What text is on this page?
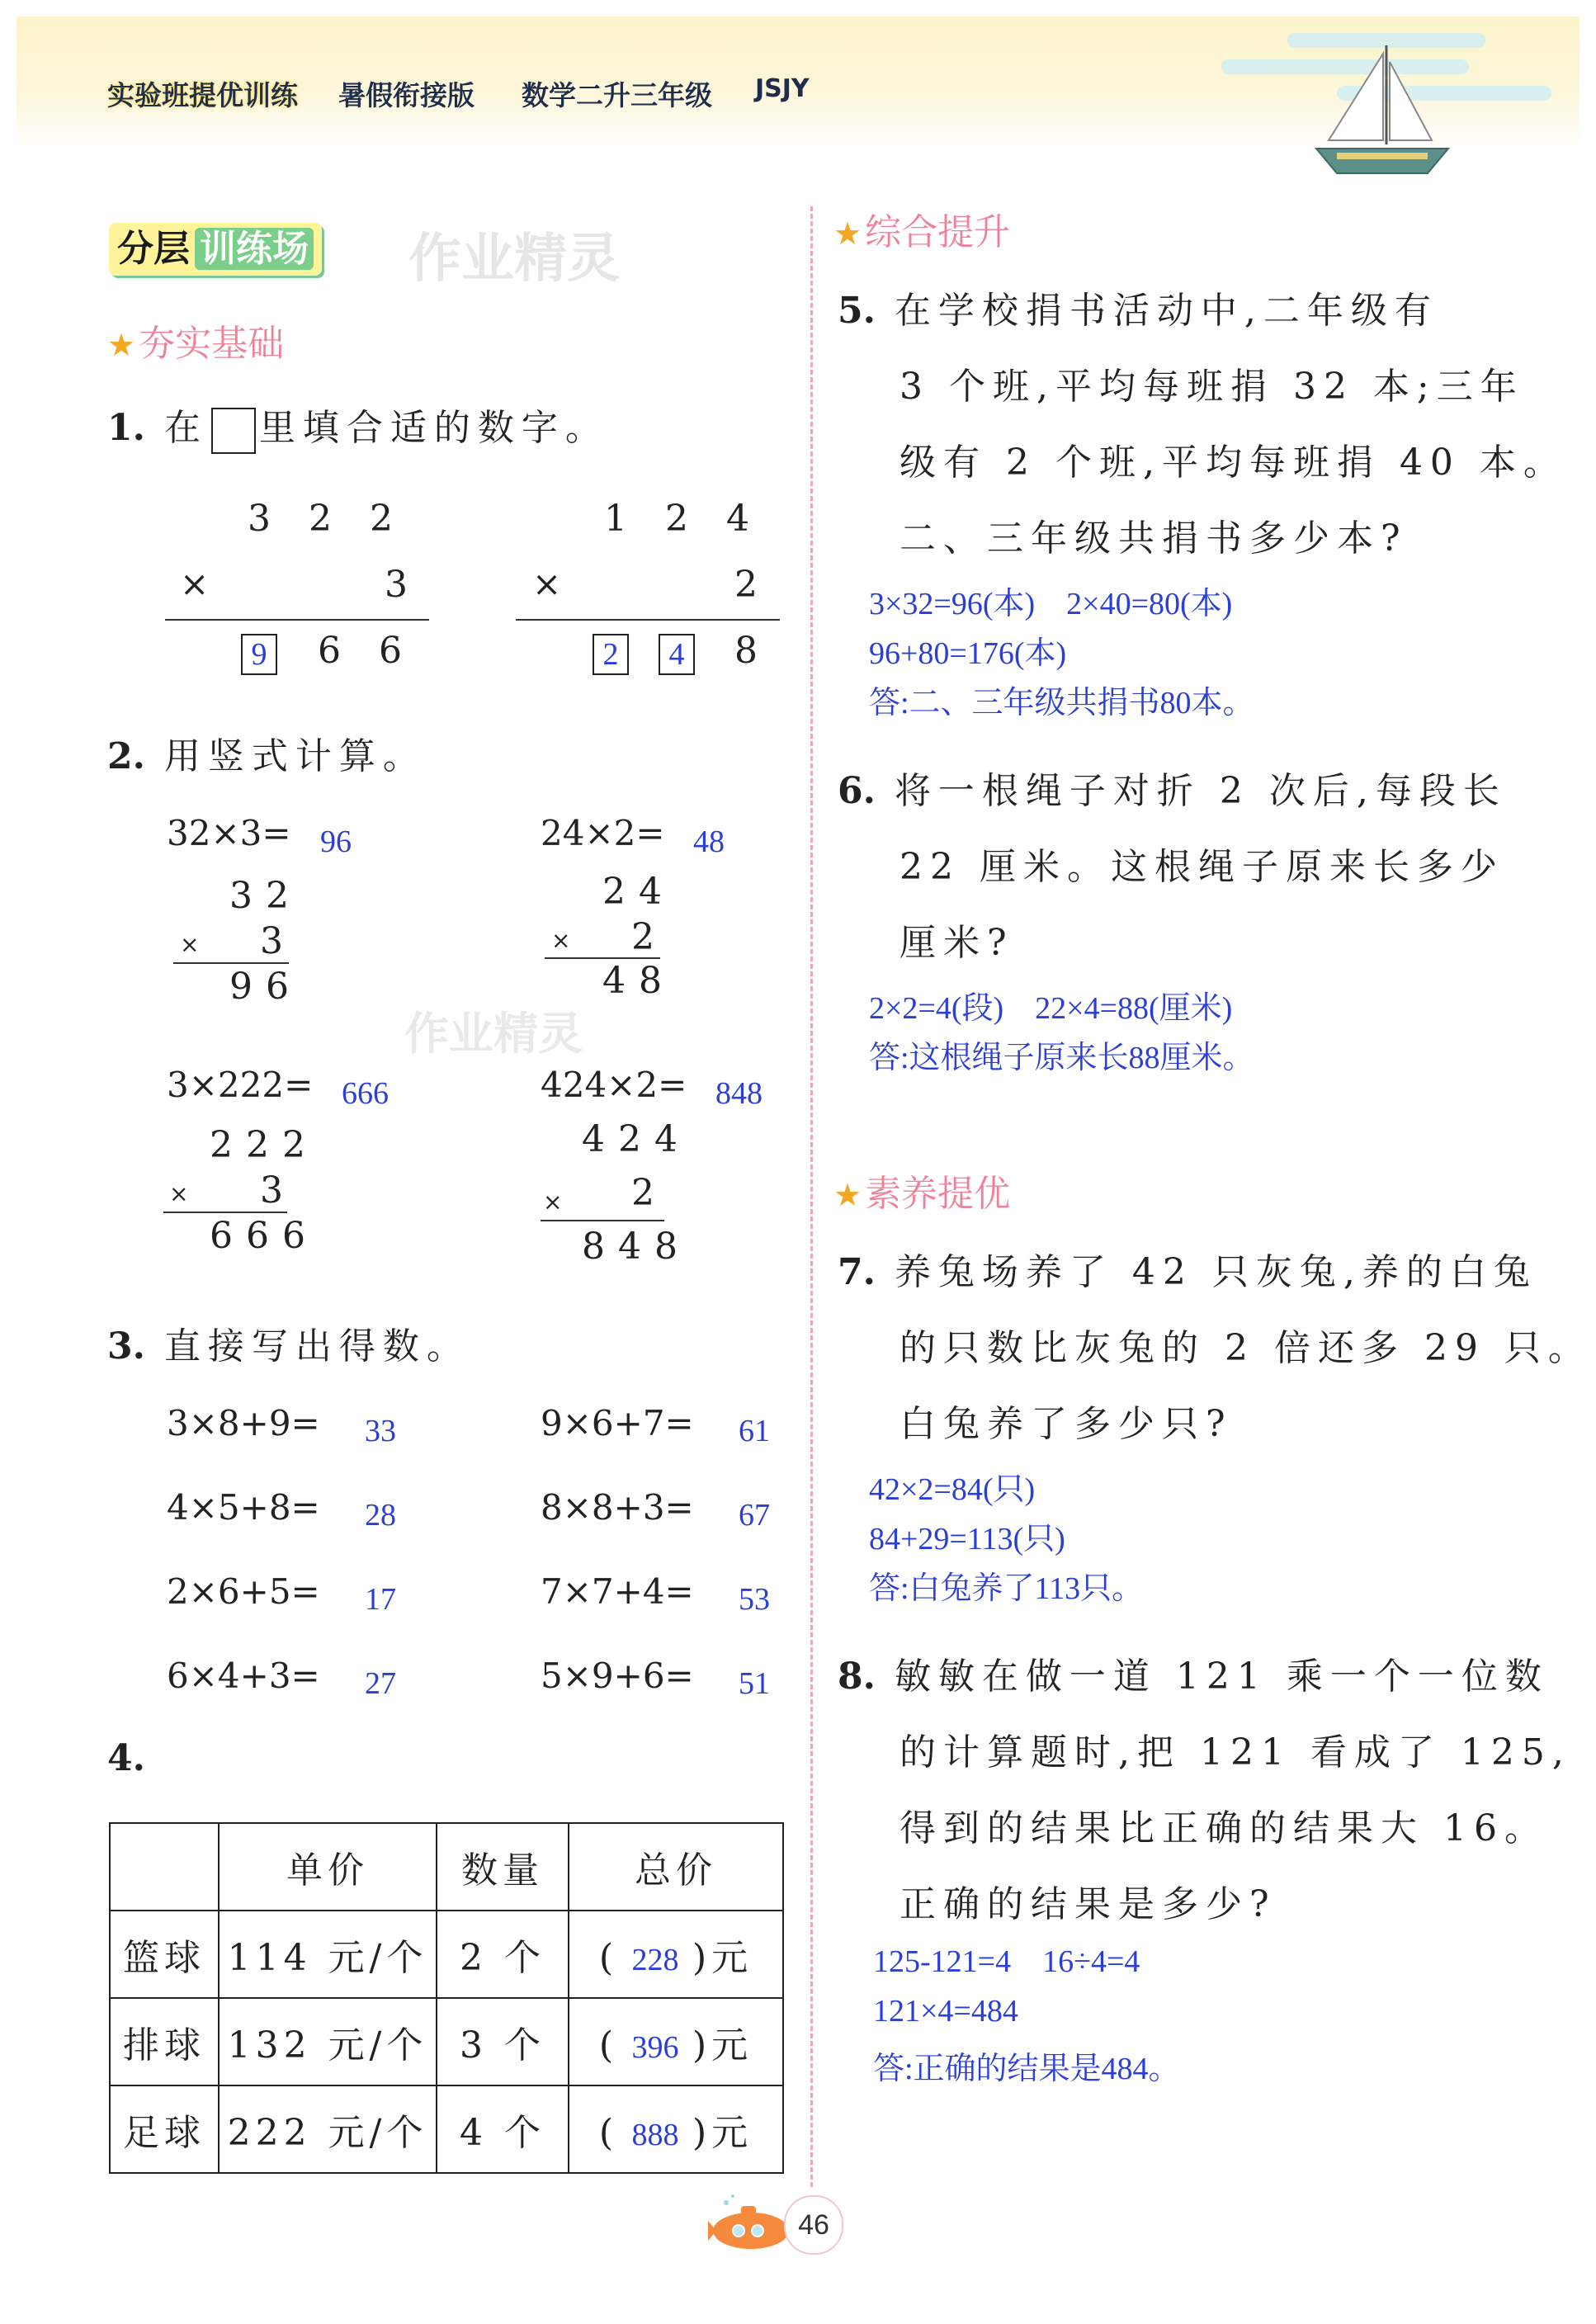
实验班提优训练 暑假衔接版 数学二升三年级 JSJY
分层 训练场 作业精灵
作业精灵
★夯实基础
1. 在 里填合适的数字。
3 2 2
×	3
9 6 6
1 2 4
×	2
2	4 8
2. 用竖式计算。
32×3= 96
32
× 3
96
24×2= 48
24
× 2
48
3×222= 666
222
× 3
666
424×2= 848
424
× 2
848
3. 直接写出得数。
3×8+9= 33
4×5+8= 28
2×6+5= 17
6×4+3= 27
9×6+7= 61
8×8+3= 67
7×7+4= 53
5×9+6= 51
4.
	单价	数量	总价
篮球	114 元/个	2 个	( 228 )元
排球	132 元/个	3 个	( 396 )元
足球	222 元/个	4 个	( 888 )元
★综合提升
5. 在学校捐书活动中,二年级有
3 个班,平均每班捐 32 本;三年
级有 2 个班,平均每班捐 40 本。
二、三年级共捐书多少本?
3×32=96(本)    2×40=80(本)
96+80=176(本)
答:二、三年级共捐书80本。
6. 将一根绳子对折 2 次后,每段长
22 厘米。这根绳子原来长多少
厘米?
2×2=4(段)    22×4=88(厘米)
答:这根绳子原来长88厘米。
★素养提优
7. 养兔场养了 42 只灰兔,养的白兔
的只数比灰兔的 2 倍还多 29 只。
白兔养了多少只?
42×2=84(只)
84+29=113(只)
答:白兔养了113只。
8. 敏敏在做一道 121 乘一个一位数
的计算题时,把 121 看成了 125,
得到的结果比正确的结果大 16。
正确的结果是多少?
125-121=4    16÷4=4
121×4=484
答:正确的结果是484。
46
